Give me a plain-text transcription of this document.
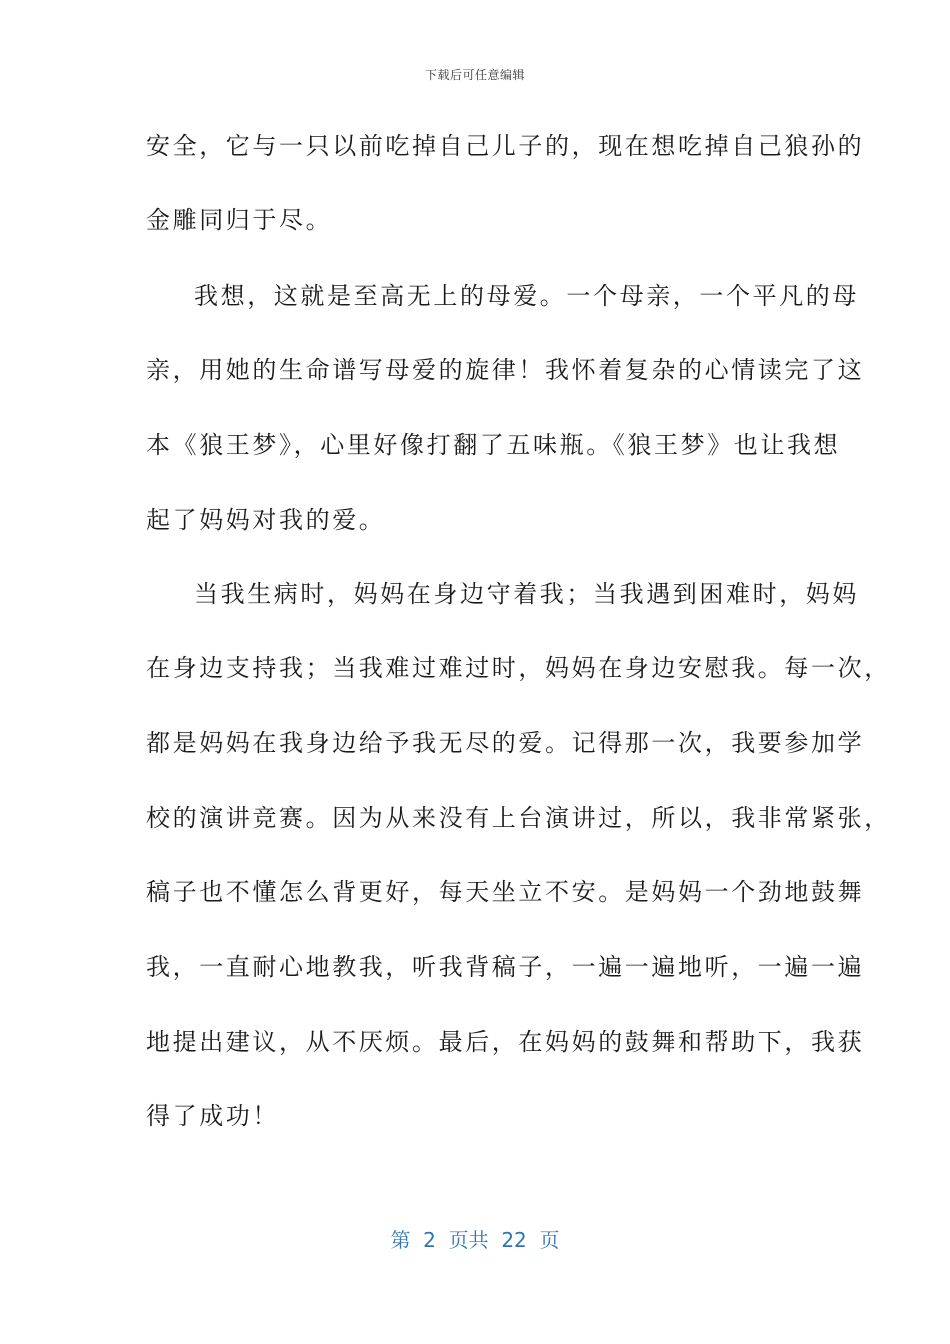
下载后可任意编辑
安全，它与一只以前吃掉自己儿子的，现在想吃掉自己狼孙的
金雕同归于尽。
我想，这就是至高无上的母爱。一个母亲，一个平凡的母
亲，用她的生命谱写母爱的旋律！我怀着复杂的心情读完了这
本《狼王梦》，心里好像打翻了五味瓶。《狼王梦》也让我想
起了妈妈对我的爱。
当我生病时，妈妈在身边守着我；当我遇到困难时，妈妈
在身边支持我；当我难过难过时，妈妈在身边安慰我。每一次，
都是妈妈在我身边给予我无尽的爱。记得那一次，我要参加学
校的演讲竞赛。因为从来没有上台演讲过，所以，我非常紧张，
稿子也不懂怎么背更好，每天坐立不安。是妈妈一个劲地鼓舞
我，一直耐心地教我，听我背稿子，一遍一遍地听，一遍一遍
地提出建议，从不厌烦。最后，在妈妈的鼓舞和帮助下，我获
得了成功！
第  2  页共  22  页
